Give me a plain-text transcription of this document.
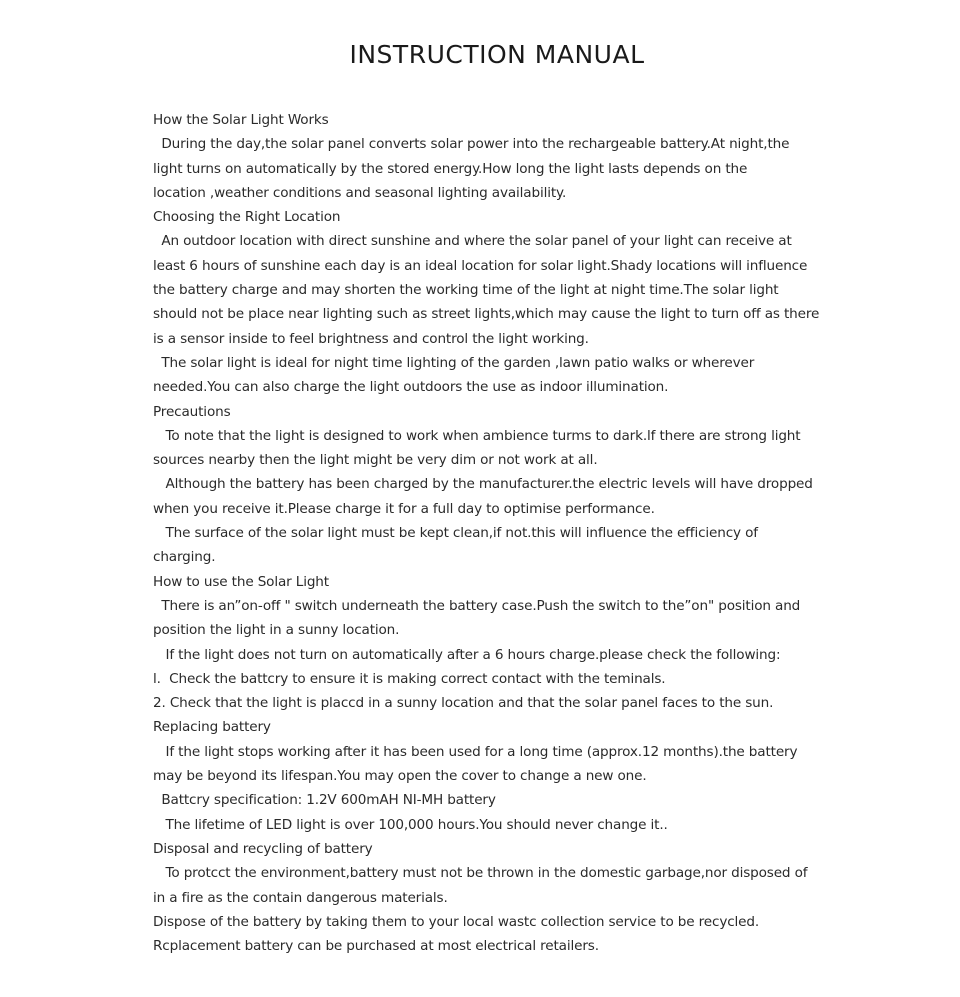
INSTRUCTION MANUAL
How the Solar Light Works
During the day,the solar panel converts solar power into the rechargeable battery.At night,the
light turns on automatically by the stored energy.How long the light lasts depends on the
location ,weather conditions and seasonal lighting availability.
Choosing the Right Location
An outdoor location with direct sunshine and where the solar panel of your light can receive at
least 6 hours of sunshine each day is an ideal location for solar light.Shady locations will influence
the battery charge and may shorten the working time of the light at night time.The solar light
should not be place near lighting such as street lights,which may cause the light to turn off as there
is a sensor inside to feel brightness and control the light working.
The solar light is ideal for night time lighting of the garden ,lawn patio walks or wherever
needed.You can also charge the light outdoors the use as indoor illumination.
Precautions
To note that the light is designed to work when ambience turms to dark.lf there are strong light
sources nearby then the light might be very dim or not work at all.
Although the battery has been charged by the manufacturer.the electric levels will have dropped
when you receive it.Please charge it for a full day to optimise performance.
The surface of the solar light must be kept clean,if not.this will influence the efficiency of
charging.
How to use the Solar Light
There is an”on-off " switch underneath the battery case.Push the switch to the”on" position and
position the light in a sunny location.
If the light does not turn on automatically after a 6 hours charge.please check the following:
l.  Check the battcry to ensure it is making correct contact with the teminals.
2. Check that the light is placcd in a sunny location and that the solar panel faces to the sun.
Replacing battery
If the light stops working after it has been used for a long time (approx.12 months).the battery
may be beyond its lifespan.You may open the cover to change a new one.
Battcry specification: 1.2V 600mAH NI-MH battery
The lifetime of LED light is over 100,000 hours.You should never change it..
Disposal and recycling of battery
To protcct the environment,battery must not be thrown in the domestic garbage,nor disposed of
in a fire as the contain dangerous materials.
Dispose of the battery by taking them to your local wastc collection service to be recycled.
Rcplacement battery can be purchased at most electrical retailers.
